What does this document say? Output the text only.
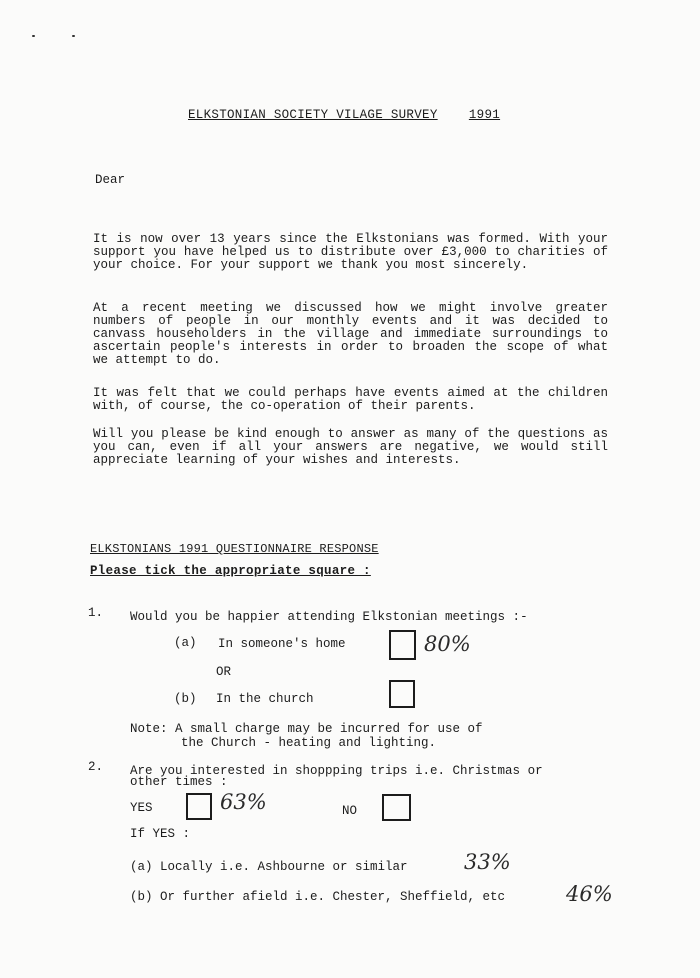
ELKSTONIAN SOCIETY VILAGE SURVEY 1991
Dear
It is now over 13 years since the Elkstonians was formed. With your support you have helped us to distribute over £3,000 to charities of your choice. For your support we thank you most sincerely.
At a recent meeting we discussed how we might involve greater numbers of people in our monthly events and it was decided to canvass householders in the village and immediate surroundings to ascertain people's interests in order to broaden the scope of what we attempt to do.
It was felt that we could perhaps have events aimed at the children with, of course, the co-operation of their parents.
Will you please be kind enough to answer as many of the questions as you can, even if all your answers are negative, we would still appreciate learning of your wishes and interests.
ELKSTONIANS 1991 QUESTIONNAIRE RESPONSE
Please tick the appropriate square :
1. Would you be happier attending Elkstonian meetings :-
(a) In someone's home	80%
OR
(b) In the church
Note: A small charge may be incurred for use of
the Church - heating and lighting.
2. Are you interested in shoppping trips i.e. Christmas or
other times :
YES	63%	NO
If YES :
(a) Locally i.e. Ashbourne or similar	33%
(b) Or further afield i.e. Chester, Sheffield, etc	46%
